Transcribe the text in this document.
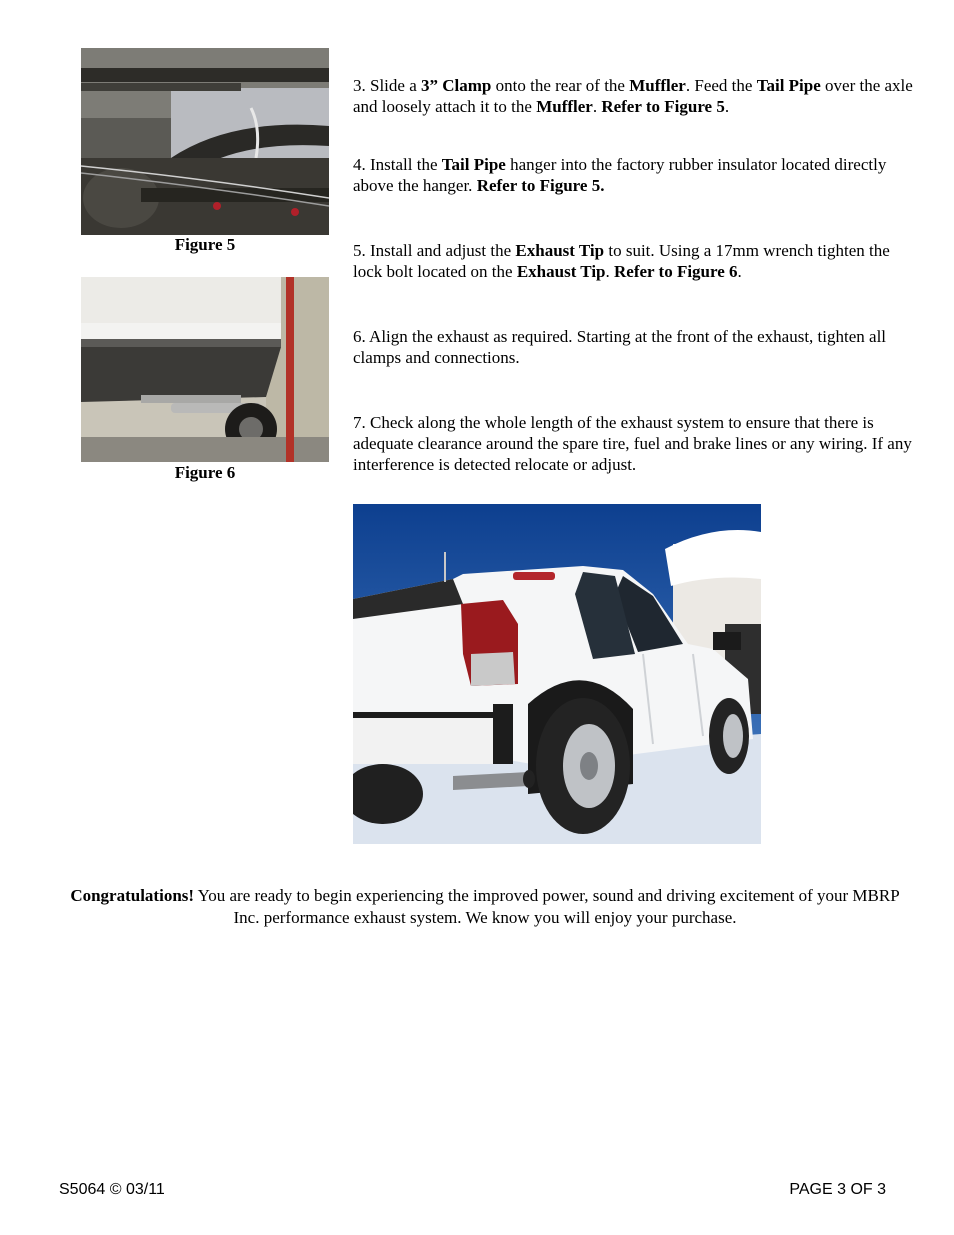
Figure 5
Figure 6
3. Slide a 3” Clamp onto the rear of the Muffler. Feed the Tail Pipe over the axle and loosely attach it to the Muffler. Refer to Figure 5.
4. Install the Tail Pipe hanger into the factory rubber insulator located directly above the hanger. Refer to Figure 5.
5. Install and adjust the Exhaust Tip to suit. Using a 17mm wrench tighten the lock bolt located on the Exhaust Tip. Refer to Figure 6.
6. Align the exhaust as required. Starting at the front of the exhaust, tighten all clamps and connections.
7. Check along the whole length of the exhaust system to ensure that there is adequate clearance around the spare tire, fuel and brake lines or any wiring. If any interference is detected relocate or adjust.
Congratulations! You are ready to begin experiencing the improved power, sound and driving excitement of your MBRP Inc. performance exhaust system. We know you will enjoy your purchase.
S5064 © 03/11	PAGE 3 OF 3
